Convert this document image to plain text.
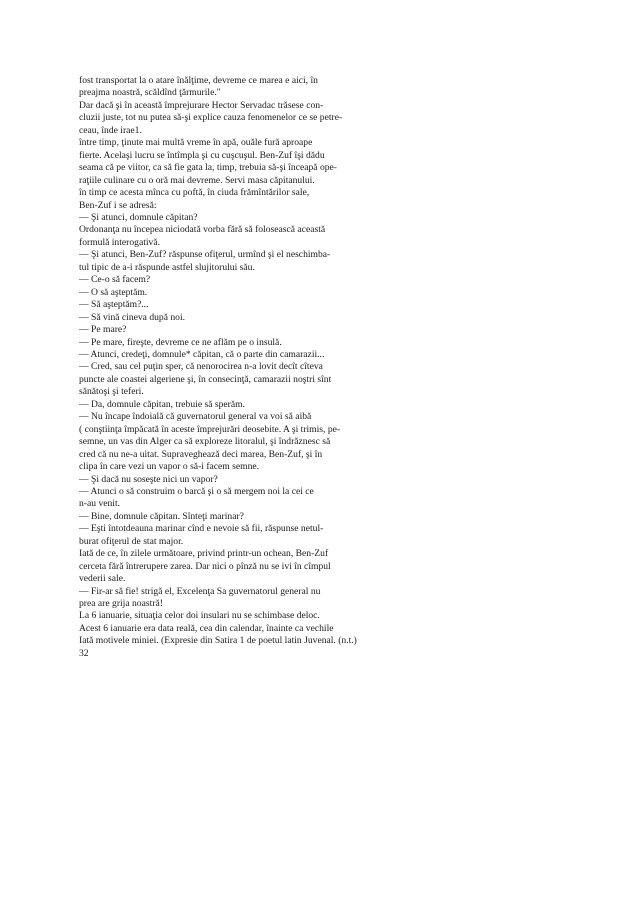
fost transportat la o atare înălţime, devreme ce marea e aici, în
preajma noastră, scăldînd ţărmurile."
Dar dacă şi în această împrejurare Hector Servadac trăsese con-
cluzii juste, tot nu putea să-şi explice cauza fenomenelor ce se petre-
ceau, înde irae1.
între timp, ţinute mai multă vreme în apă, ouăle fură aproape
fierte. Acelaşi lucru se întîmpla şi cu cuşcuşul. Ben-Zuf îşi dădu
seama că pe viitor, ca să fie gata la, timp, trebuia să-şi înceapă ope-
raţiile culinare cu o oră mai devreme. Servi masa căpitanului.
în timp ce acesta mînca cu poftă, în ciuda frămîntărilor sale,
Ben-Zuf i se adresă:
— Şi atunci, domnule căpitan?
Ordonanţa nu începea niciodată vorba fără să folosească această
formulă interogativă.
— Şi atunci, Ben-Zuf? răspunse ofiţerul, urmînd şi el neschimba-
tul tipic de a-i răspunde astfel slujitorului său.
— Ce-o să facem?
— O să aşteptăm.
— Să aşteptăm?...
— Să vină cineva după noi.
— Pe mare?
— Pe mare, fireşte, devreme ce ne aflăm pe o insulă.
— Atunci, credeţi, domnule* căpitan, că o parte din camarazii...
— Cred, sau cel puţin sper, că nenorocirea n-a lovit decît cîteva
puncte ale coastei algeriene şi, în consecinţă, camarazii noştri sînt
sănătoşi şi teferi.
— Da, domnule căpitan, trebuie să sperăm.
— Nu încape îndoială că guvernatorul general va voi să aibă
( conştiinţa împăcată în aceste împrejurări deosebite. A şi trimis, pe-
semne, un vas din Alger ca să exploreze litoralul, şi îndrăznesc să
cred că nu ne-a uitat. Supraveghează deci marea, Ben-Zuf, şi în
clipa în care vezi un vapor o să-i facem semne.
— Şi dacă nu soseşte nici un vapor?
— Atunci o să construim o barcă şi o să mergem noi la cei ce
n-au venit.
— Bine, domnule căpitan. Sînteţi marinar?
— Eşti întotdeauna marinar cînd e nevoie să fii, răspunse netul-
burat ofiţerul de stat major.
Iată de ce, în zilele următoare, privind printr-un ochean, Ben-Zuf
cerceta fără întrerupere zarea. Dar nici o pînză nu se ivi în cîmpul
vederii sale.
— Fir-ar să fie! strigă el, Excelenţa Sa guvernatorul general nu
prea are grija noastră!
La 6 ianuarie, situaţia celor doi insulari nu se schimbase deloc.
Acest 6 ianuarie era data reală, cea din calendar, înainte ca vechile
Iată motivele miniei. (Expresie din Satira 1 de poetul latin Juvenal. (n.t.)
32
